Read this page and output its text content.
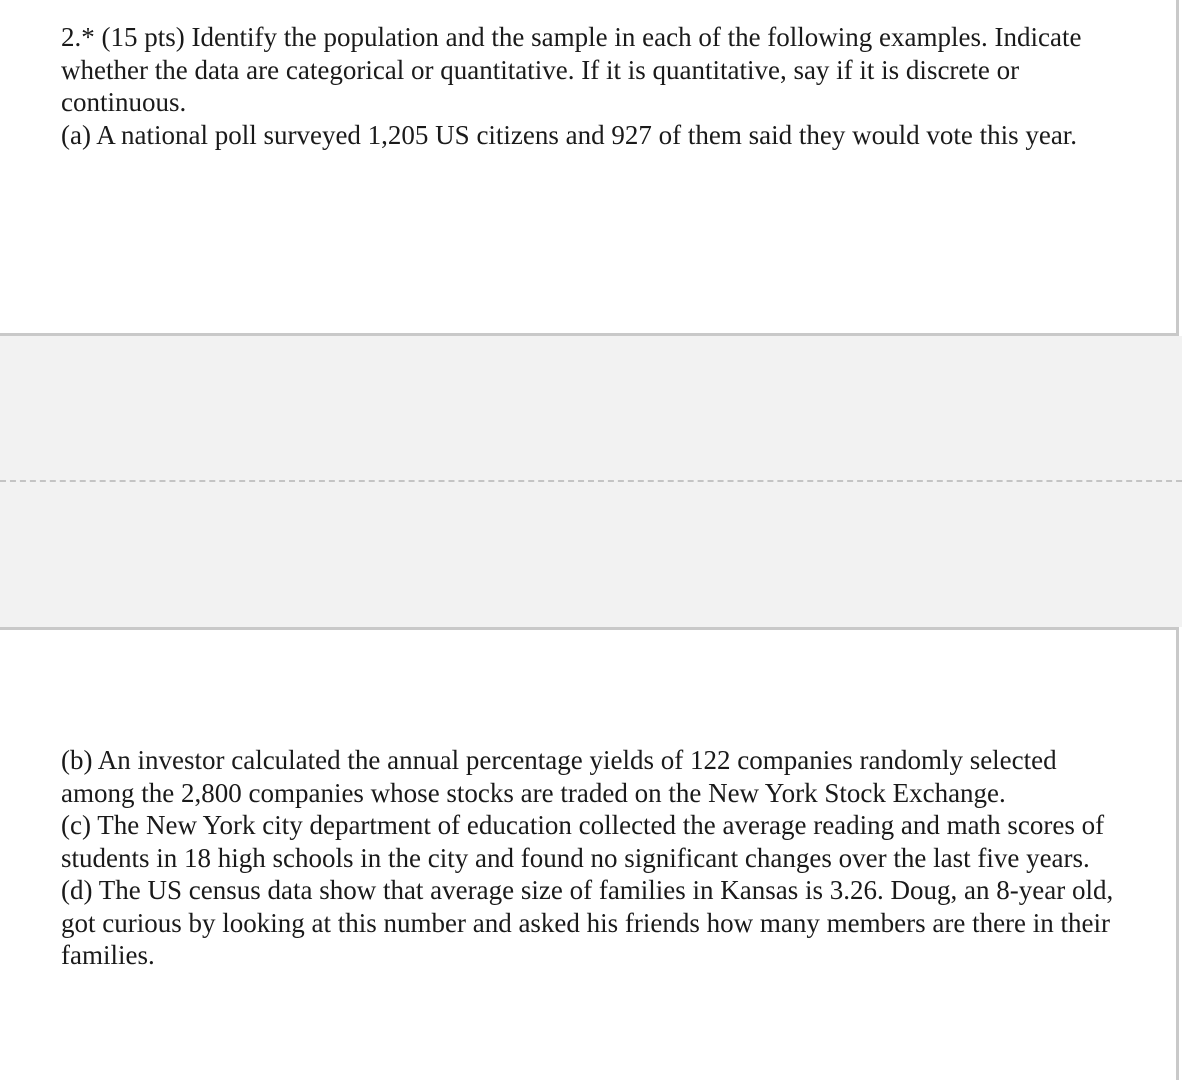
2.* (15 pts) Identify the population and the sample in each of the following examples. Indicate whether the data are categorical or quantitative. If it is quantitative, say if it is discrete or continuous.

(a) A national poll surveyed 1,205 US citizens and 927 of them said they would vote this year.

(b) An investor calculated the annual percentage yields of 122 companies randomly selected among the 2,800 companies whose stocks are traded on the New York Stock Exchange.

(c) The New York city department of education collected the average reading and math scores of students in 18 high schools in the city and found no significant changes over the last five years.

(d) The US census data show that average size of families in Kansas is 3.26. Doug, an 8-year old, got curious by looking at this number and asked his friends how many members are there in their families.
